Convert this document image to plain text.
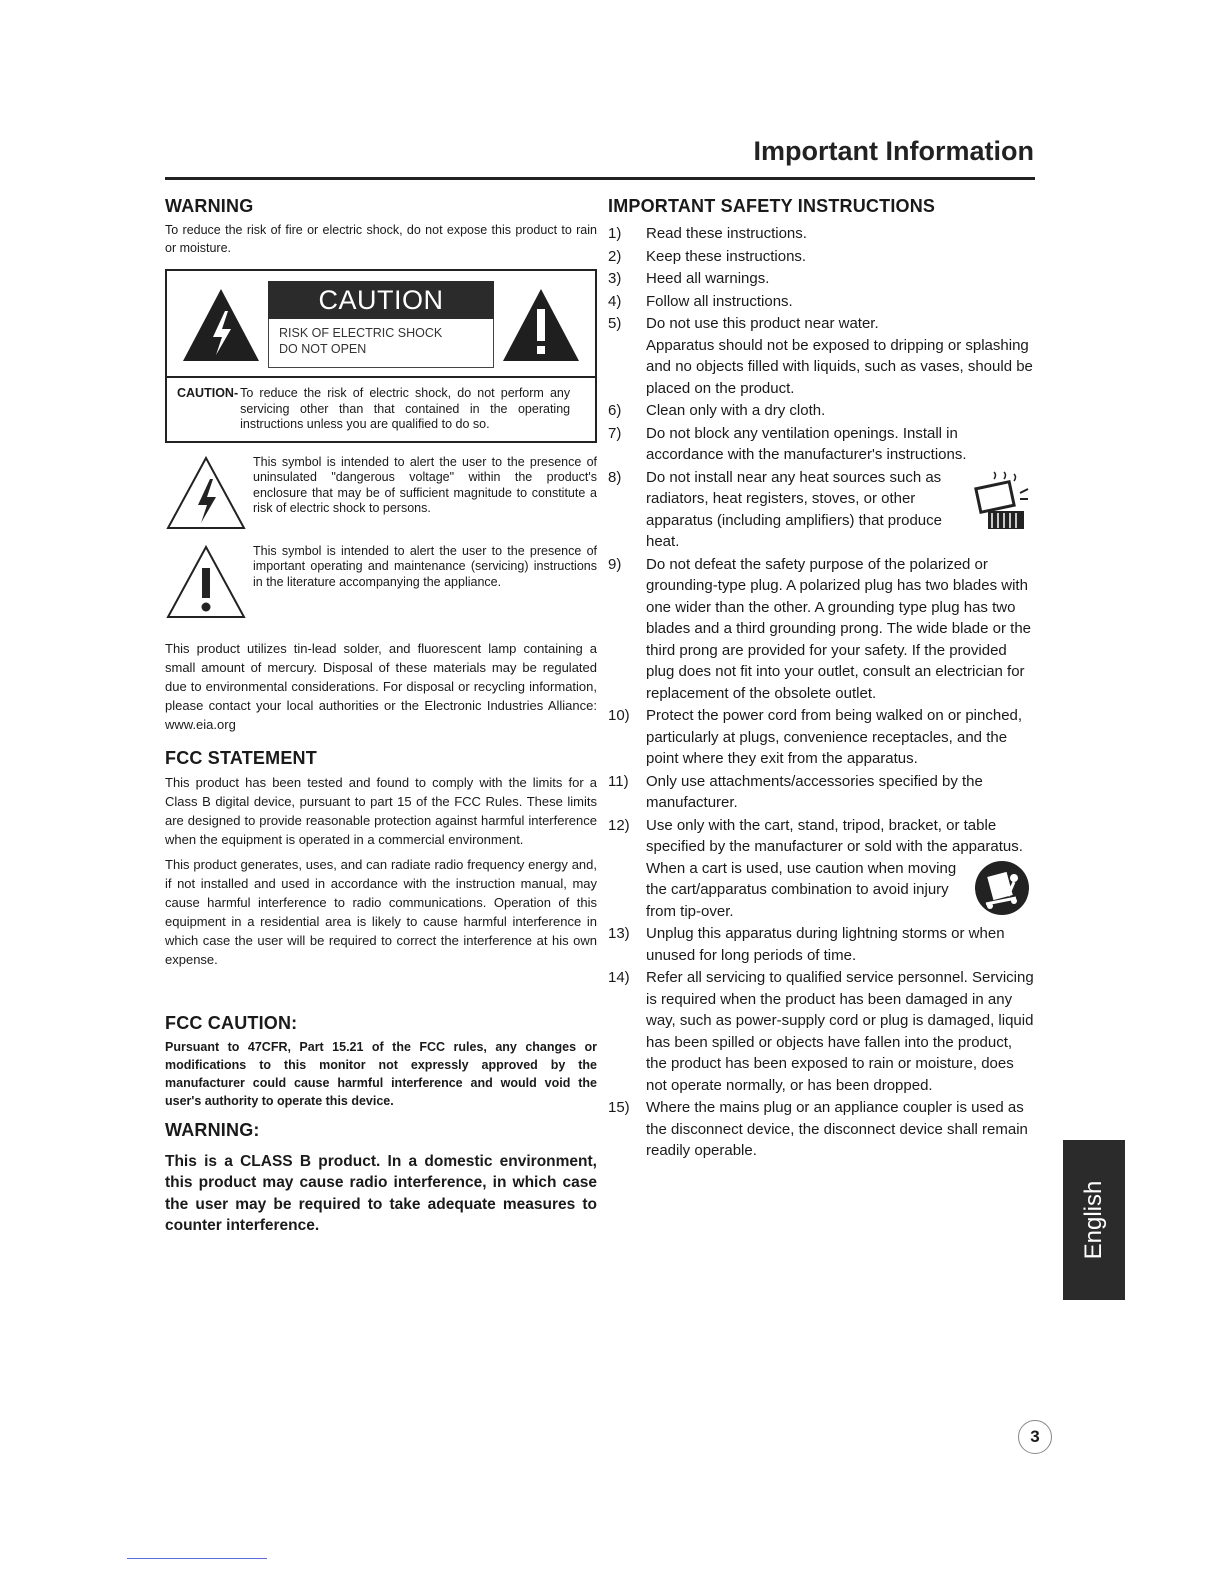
Important Information
WARNING

To reduce the risk of fire or electric shock, do not expose this product to rain or moisture.

CAUTION
RISK OF ELECTRIC SHOCK
DO NOT OPEN
CAUTION- To reduce the risk of electric shock, do not perform any servicing other than that contained in the operating instructions unless you are qualified to do so.

This symbol is intended to alert the user to the presence of uninsulated "dangerous voltage" within the product's enclosure that may be of sufficient magnitude to constitute a risk of electric shock to persons.

This symbol is intended to alert the user to the presence of important operating and maintenance (servicing) instructions in the literature accompanying the appliance.

This product utilizes tin-lead solder, and fluorescent lamp containing a small amount of mercury. Disposal of these materials may be regulated due to environmental considerations. For disposal or recycling information, please contact your local authorities or the Electronic Industries Alliance: www.eia.org

FCC STATEMENT

This product has been tested and found to comply with the limits for a Class B digital device, pursuant to part 15 of the FCC Rules. These limits are designed to provide reasonable protection against harmful interference when the equipment is operated in a commercial environment.

This product generates, uses, and can radiate radio frequency energy and, if not installed and used in accordance with the instruction manual, may cause harmful interference to radio communications. Operation of this equipment in a residential area is likely to cause harmful interference in which case the user will be required to correct the interference at his own expense.

FCC CAUTION:

Pursuant to 47CFR, Part 15.21 of the FCC rules, any changes or modifications to this monitor not expressly approved by the manufacturer could cause harmful interference and would void the user's authority to operate this device.

WARNING:

This is a CLASS B product. In a domestic environment, this product may cause radio interference, in which case the user may be required to take adequate measures to counter interference.

IMPORTANT SAFETY INSTRUCTIONS
1)	Read these instructions.
2)	Keep these instructions.
3)	Heed all warnings.
4)	Follow all instructions.
5)	Do not use this product near water.
Apparatus should not be exposed to dripping or splashing and no objects filled with liquids, such as vases, should be placed on the product.
6)	Clean only with a dry cloth.
7)	Do not block any ventilation openings. Install in accordance with the manufacturer's instructions.
8)	Do not install near any heat sources such as radiators, heat registers, stoves, or other apparatus (including amplifiers) that produce heat.
9)	Do not defeat the safety purpose of the polarized or grounding-type plug. A polarized plug has two blades with one wider than the other. A grounding type plug has two blades and a third grounding prong. The wide blade or the third prong are provided for your safety. If the provided plug does not fit into your outlet, consult an electrician for replacement of the obsolete outlet.
10)	Protect the power cord from being walked on or pinched, particularly at plugs, convenience receptacles, and the point where they exit from the apparatus.
11)	Only use attachments/accessories specified by the manufacturer.
12)	Use only with the cart, stand, tripod, bracket, or table specified by the manufacturer or sold with the apparatus.
When a cart is used, use caution when moving the cart/apparatus combination to avoid injury from tip-over.
13)	Unplug this apparatus during lightning storms or when unused for long periods of time.
14)	Refer all servicing to qualified service personnel. Servicing is required when the product has been damaged in any way, such as power-supply cord or plug is damaged, liquid has been spilled or objects have fallen into the product, the product has been exposed to rain or moisture, does not operate normally, or has been dropped.
15)	Where the mains plug or an appliance coupler is used as the disconnect device, the disconnect device shall remain readily operable.
English
3
